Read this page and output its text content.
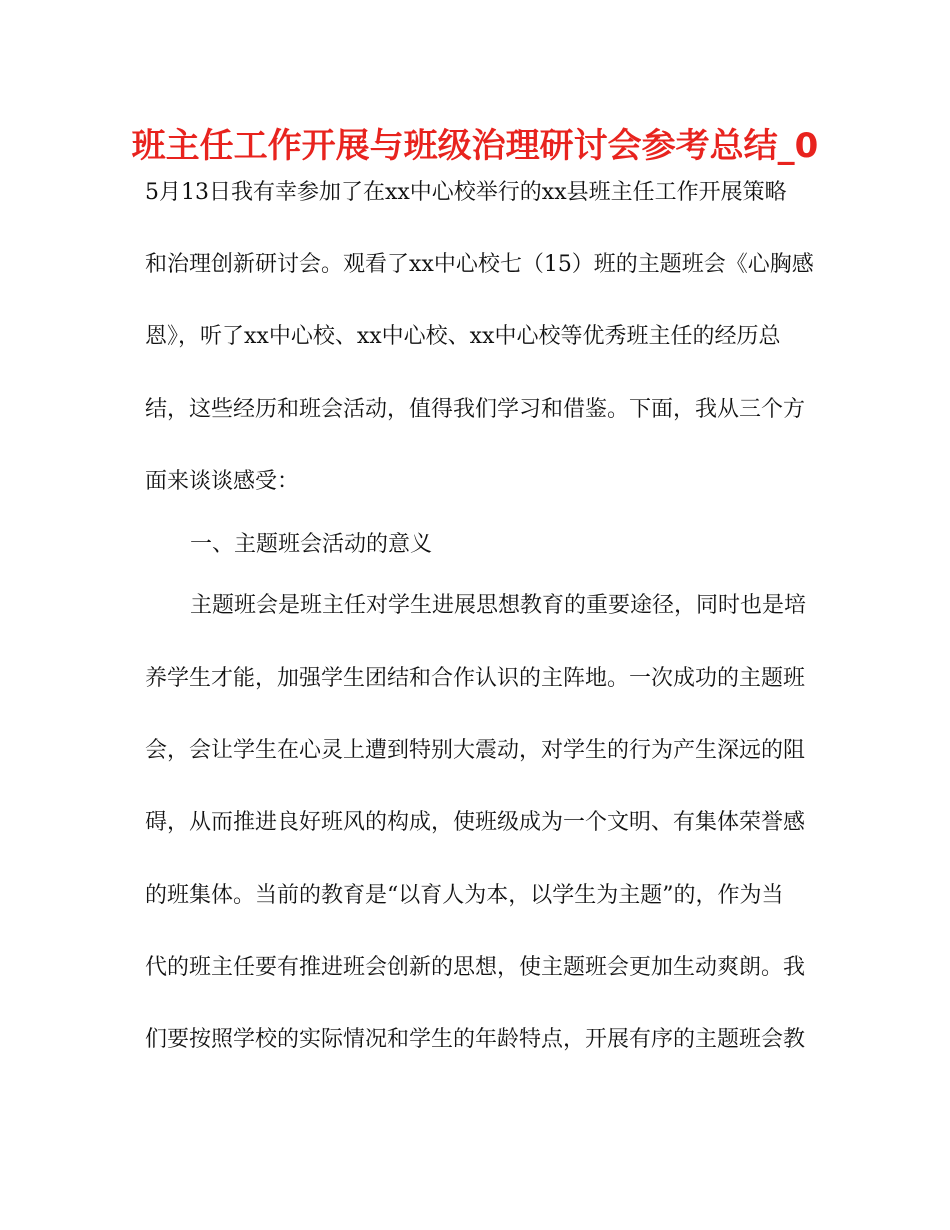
班主任工作开展与班级治理研讨会参考总结_0
5月13日我有幸参加了在xx中心校举行的xx县班主任工作开展策略
和治理创新研讨会。观看了xx中心校七（15）班的主题班会《心胸感
恩》，听了xx中心校、xx中心校、xx中心校等优秀班主任的经历总
结，这些经历和班会活动，值得我们学习和借鉴。下面，我从三个方
面来谈谈感受：
一、主题班会活动的意义
主题班会是班主任对学生进展思想教育的重要途径，同时也是培
养学生才能，加强学生团结和合作认识的主阵地。一次成功的主题班
会，会让学生在心灵上遭到特别大震动，对学生的行为产生深远的阻
碍，从而推进良好班风的构成，使班级成为一个文明、有集体荣誉感
的班集体。当前的教育是“以育人为本，以学生为主题”的，作为当
代的班主任要有推进班会创新的思想，使主题班会更加生动爽朗。我
们要按照学校的实际情况和学生的年龄特点，开展有序的主题班会教
